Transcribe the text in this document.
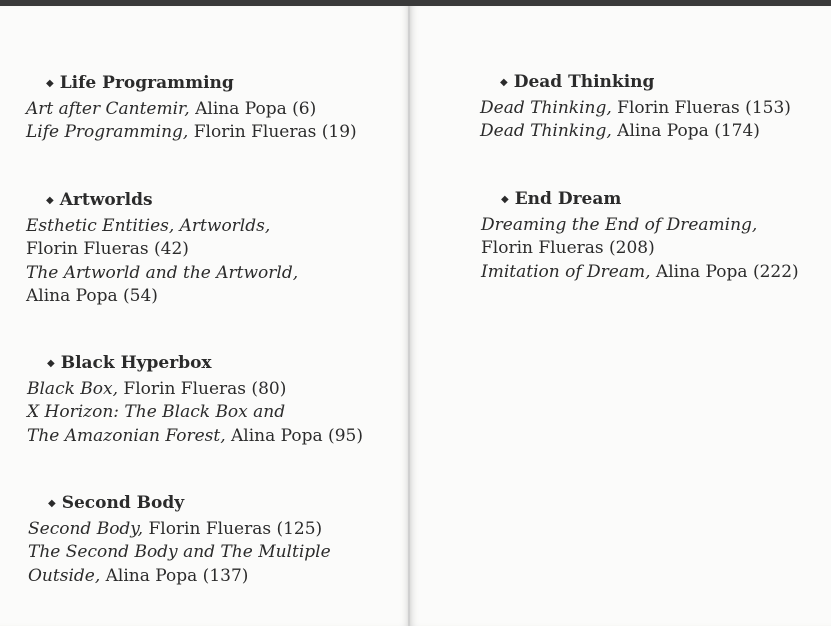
◆ Life Programming
Art after Cantemir, Alina Popa (6)
Life Programming, Florin Flueras (19)
◆ Artworlds
Esthetic Entities, Artworlds,
Florin Flueras (42)
The Artworld and the Artworld,
Alina Popa (54)
◆ Black Hyperbox
Black Box, Florin Flueras (80)
X Horizon: The Black Box and
The Amazonian Forest, Alina Popa (95)
◆ Second Body
Second Body, Florin Flueras (125)
The Second Body and The Multiple
Outside, Alina Popa (137)
◆ Dead Thinking
Dead Thinking, Florin Flueras (153)
Dead Thinking, Alina Popa (174)
◆ End Dream
Dreaming the End of Dreaming,
Florin Flueras (208)
Imitation of Dream, Alina Popa (222)
